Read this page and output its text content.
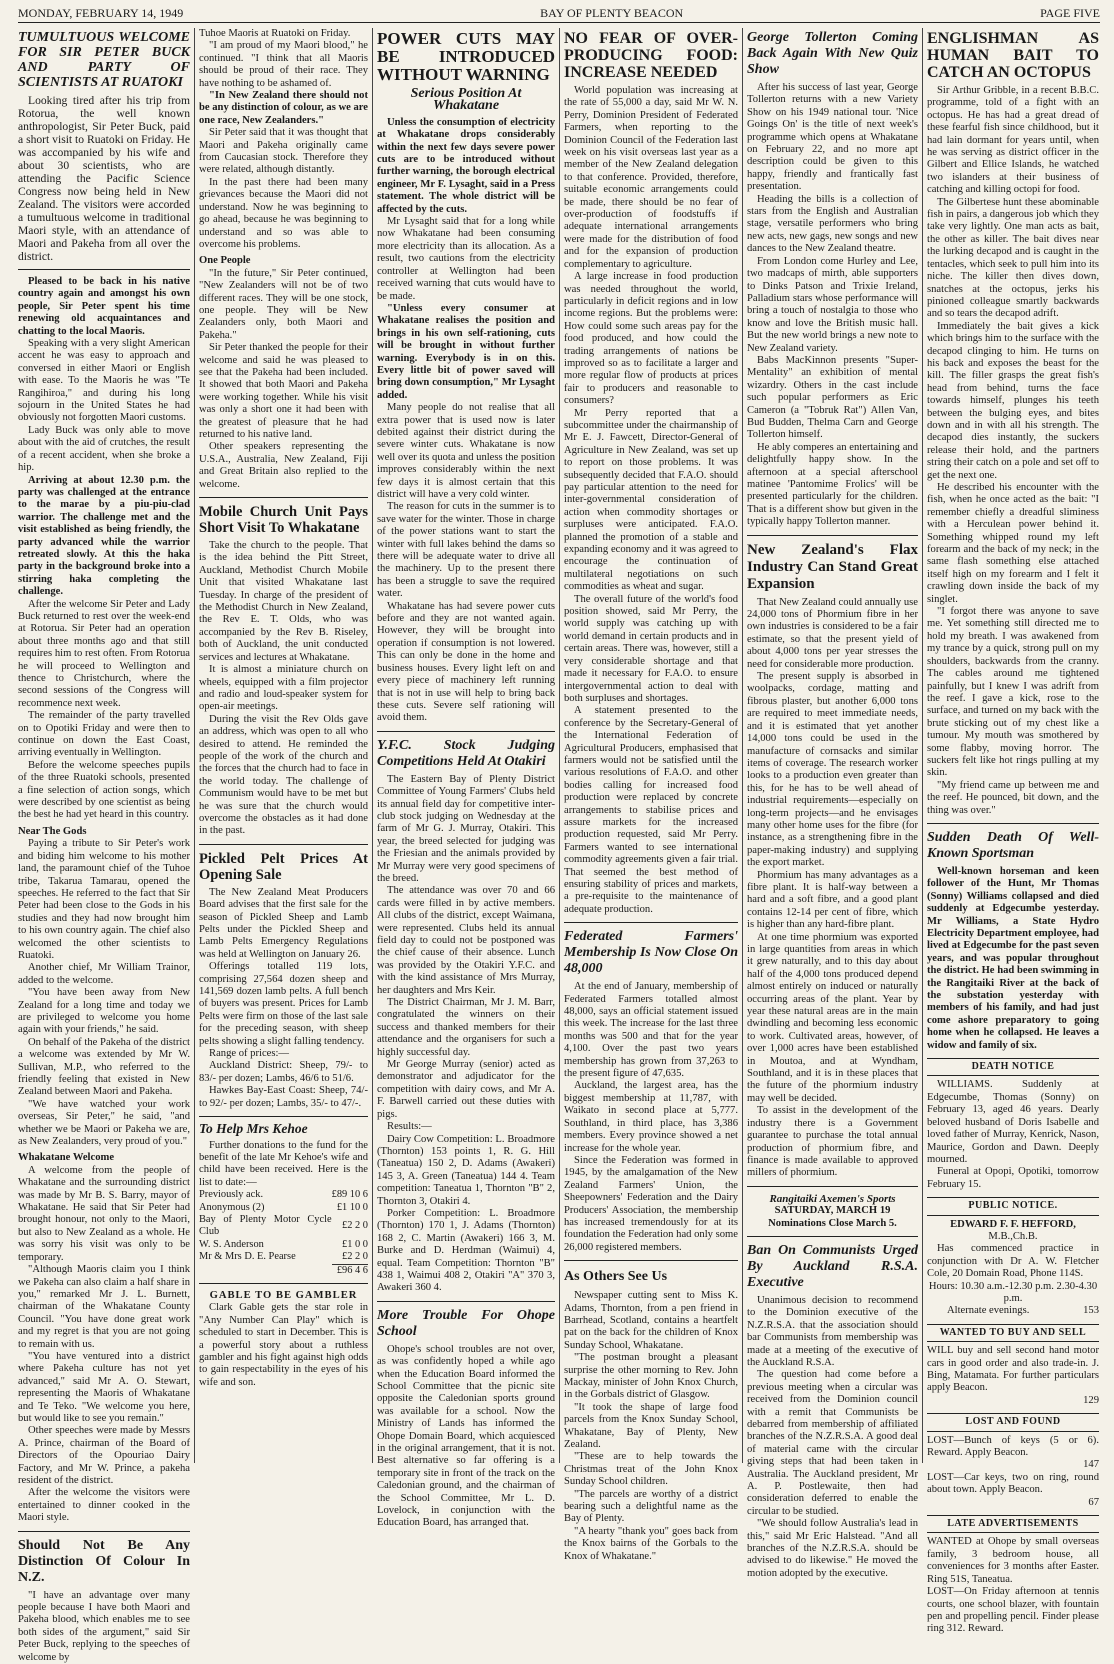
MONDAY, FEBRUARY 14, 1949	BAY OF PLENTY BEACON	PAGE FIVE
TUMULTUOUS WELCOME FOR SIR PETER BUCK AND PARTY OF SCIENTISTS AT RUATOKI

Looking tired after his trip from Rotorua, the well known anthropologist, Sir Peter Buck, paid a short visit to Ruatoki on Friday. He was accompanied by his wife and about 30 scientists, who are attending the Pacific Science Congress now being held in New Zealand. The visitors were accorded a tumultuous welcome in traditional Maori style, with an attendance of Maori and Pakeha from all over the district.

Pleased to be back in his native country again and amongst his own people, Sir Peter spent his time renewing old acquaintances and chatting to the local Maoris.

Speaking with a very slight American accent he was easy to approach and conversed in either Maori or English with ease. To the Maoris he was "Te Rangihiroa," and during his long sojourn in the United States he had obviously not forgotten Maori customs.

Lady Buck was only able to move about with the aid of crutches, the result of a recent accident, when she broke a hip.

Arriving at about 12.30 p.m. the party was challenged at the entrance to the marae by a piu-piu-clad warrior. The challenge met and the visit established as being friendly, the party advanced while the warrior retreated slowly. At this the haka party in the background broke into a stirring haka completing the challenge.

After the welcome Sir Peter and Lady Buck returned to rest over the week-end at Rotorua. Sir Peter had an operation about three months ago and that still requires him to rest often. From Rotorua he will proceed to Wellington and thence to Christchurch, where the second sessions of the Congress will recommence next week.

The remainder of the party travelled on to Opotiki Friday and were then to continue on down the East Coast, arriving eventually in Wellington.

Before the welcome speeches pupils of the three Ruatoki schools, presented a fine selection of action songs, which were described by one scientist as being the best he had yet heard in this country.

Near The Gods

Paying a tribute to Sir Peter's work and biding him welcome to his mother land, the paramount chief of the Tuhoe tribe, Takarua Tamarau, opened the speeches. He referred to the fact that Sir Peter had been close to the Gods in his studies and they had now brought him to his own country again. The chief also welcomed the other scientists to Ruatoki.

Another chief, Mr William Trainor, added to the welcome.

"You have been away from New Zealand for a long time and today we are privileged to welcome you home again with your friends," he said.

On behalf of the Pakeha of the district a welcome was extended by Mr W. Sullivan, M.P., who referred to the friendly feeling that existed in New Zealand between Maori and Pakeha.

"We have watched your work overseas, Sir Peter," he said, "and whether we be Maori or Pakeha we are, as New Zealanders, very proud of you."

Whakatane Welcome

A welcome from the people of Whakatane and the surrounding district was made by Mr B. S. Barry, mayor of Whakatane. He said that Sir Peter had brought honour, not only to the Maori, but also to New Zealand as a whole. He was sorry his visit was only to be temporary.

"Although Maoris claim you I think we Pakeha can also claim a half share in you," remarked Mr J. L. Burnett, chairman of the Whakatane County Council. "You have done great work and my regret is that you are not going to remain with us.

"You have ventured into a district where Pakeha culture has not yet advanced," said Mr A. O. Stewart, representing the Maoris of Whakatane and Te Teko. "We welcome you here, but would like to see you remain."

Other speeches were made by Messrs A. Prince, chairman of the Board of Directors of the Opouriao Dairy Factory, and Mr W. Prince, a pakeha resident of the district.

After the welcome the visitors were entertained to dinner cooked in the Maori style.

Should Not Be Any Distinction Of Colour In N.Z.

"I have an advantage over many people because I have both Maori and Pakeha blood, which enables me to see both sides of the argument," said Sir Peter Buck, replying to the speeches of welcome by

Tuhoe Maoris at Ruatoki on Friday.

"I am proud of my Maori blood," he continued. "I think that all Maoris should be proud of their race. They have nothing to be ashamed of.

"In New Zealand there should not be any distinction of colour, as we are one race, New Zealanders."

Sir Peter said that it was thought that Maori and Pakeha originally came from Caucasian stock. Therefore they were related, although distantly.

In the past there had been many grievances because the Maori did not understand. Now he was beginning to go ahead, because he was beginning to understand and so was able to overcome his problems.

One People

"In the future," Sir Peter continued, "New Zealanders will not be of two different races. They will be one stock, one people. They will be New Zealanders only, both Maori and Pakeha."

Sir Peter thanked the people for their welcome and said he was pleased to see that the Pakeha had been included. It showed that both Maori and Pakeha were working together. While his visit was only a short one it had been with the greatest of pleasure that he had returned to his native land.

Other speakers representing the U.S.A., Australia, New Zealand, Fiji and Great Britain also replied to the welcome.

Mobile Church Unit Pays Short Visit To Whakatane

Take the church to the people. That is the idea behind the Pitt Street, Auckland, Methodist Church Mobile Unit that visited Whakatane last Tuesday. In charge of the president of the Methodist Church in New Zealand, the Rev E. T. Olds, who was accompanied by the Rev B. Riseley, both of Auckland, the unit conducted services and lectures at Whakatane.

It is almost a miniature church on wheels, equipped with a film projector and radio and loud-speaker system for open-air meetings.

During the visit the Rev Olds gave an address, which was open to all who desired to attend. He reminded the people of the work of the church and the forces that the church had to face in the world today. The challenge of Communism would have to be met but he was sure that the church would overcome the obstacles as it had done in the past.

Pickled Pelt Prices At Opening Sale

The New Zealand Meat Producers Board advises that the first sale for the season of Pickled Sheep and Lamb Pelts under the Pickled Sheep and Lamb Pelts Emergency Regulations was held at Wellington on January 26.

Offerings totalled 119 lots, comprising 27,564 dozen sheep and 141,569 dozen lamb pelts. A full bench of buyers was present. Prices for Lamb Pelts were firm on those of the last sale for the preceding season, with sheep pelts showing a slight falling tendency.

Range of prices:—

Auckland District: Sheep, 79/- to 83/- per dozen; Lambs, 46/6 to 51/6.

Hawkes Bay-East Coast: Sheep, 74/- to 92/- per dozen; Lambs, 35/- to 47/-.

To Help Mrs Kehoe

Further donations to the fund for the benefit of the late Mr Kehoe's wife and child have been received. Here is the list to date:—

Previously ack.	£89 10 6
Anonymous (2)	£1 10 0
Bay of Plenty Motor Cycle Club	£2 2 0
W. S. Anderson	£1 0 0
Mr & Mrs D. E. Pearse	£2 2 0
	£96 4 6
GABLE TO BE GAMBLER

Clark Gable gets the star role in "Any Number Can Play" which is scheduled to start in December. This is a powerful story about a ruthless gambler and his fight against high odds to gain respectability in the eyes of his wife and son.

POWER CUTS MAY BE INTRODUCED WITHOUT WARNING
Serious Position At Whakatane

Unless the consumption of electricity at Whakatane drops considerably within the next few days severe power cuts are to be introduced without further warning, the borough electrical engineer, Mr F. Lysaght, said in a Press statement. The whole district will be affected by the cuts.

Mr Lysaght said that for a long while now Whakatane had been consuming more electricity than its allocation. As a result, two cautions from the electricity controller at Wellington had been received warning that cuts would have to be made.

"Unless every consumer at Whakatane realises the position and brings in his own self-rationing, cuts will be brought in without further warning. Everybody is in on this. Every little bit of power saved will bring down consumption," Mr Lysaght added.

Many people do not realise that all extra power that is used now is later debited against their district during the severe winter cuts. Whakatane is now well over its quota and unless the position improves considerably within the next few days it is almost certain that this district will have a very cold winter.

The reason for cuts in the summer is to save water for the winter. Those in charge of the power stations want to start the winter with full lakes behind the dams so there will be adequate water to drive all the machinery. Up to the present there has been a struggle to save the required water.

Whakatane has had severe power cuts before and they are not wanted again. However, they will be brought into operation if consumption is not lowered. This can only be done in the home and business houses. Every light left on and every piece of machinery left running that is not in use will help to bring back these cuts. Severe self rationing will avoid them.

Y.F.C. Stock Judging Competitions Held At Otakiri

The Eastern Bay of Plenty District Committee of Young Farmers' Clubs held its annual field day for competitive inter-club stock judging on Wednesday at the farm of Mr G. J. Murray, Otakiri. This year, the breed selected for judging was the Friesian and the animals provided by Mr Murray were very good specimens of the breed.

The attendance was over 70 and 66 cards were filled in by active members. All clubs of the district, except Waimana, were represented. Clubs held its annual field day to could not be postponed was the chief cause of their absence. Lunch was provided by the Otakiri Y.F.C. and with the kind assistance of Mrs Murray, her daughters and Mrs Keir.

The District Chairman, Mr J. M. Barr, congratulated the winners on their success and thanked members for their attendance and the organisers for such a highly successful day.

Mr George Murray (senior) acted as demonstrator and adjudicator for the competition with dairy cows, and Mr A. F. Barwell carried out these duties with pigs.

Results:—

Dairy Cow Competition: L. Broadmore (Thornton) 153 points 1, R. G. Hill (Taneatua) 150 2, D. Adams (Awakeri) 145 3, A. Green (Taneatua) 144 4. Team competition: Taneatua 1, Thornton "B" 2, Thornton 3, Otakiri 4.

Porker Competition: L. Broadmore (Thornton) 170 1, J. Adams (Thornton) 168 2, C. Martin (Awakeri) 166 3, M. Burke and D. Herdman (Waimui) 4, equal. Team Competition: Thornton "B" 438 1, Waimui 408 2, Otakiri "A" 370 3, Awakeri 360 4.

More Trouble For Ohope School

Ohope's school troubles are not over, as was confidently hoped a while ago when the Education Board informed the School Committee that the picnic site opposite the Caledonian sports ground was available for a school. Now the Ministry of Lands has informed the Ohope Domain Board, which acquiesced in the original arrangement, that it is not. Best alternative so far offering is a temporary site in front of the track on the Caledonian ground, and the chairman of the School Committee, Mr L. D. Lovelock, in conjunction with the Education Board, has arranged that.

NO FEAR OF OVER-PRODUCING FOOD: INCREASE NEEDED

World population was increasing at the rate of 55,000 a day, said Mr W. N. Perry, Dominion President of Federated Farmers, when reporting to the Dominion Council of the Federation last week on his visit overseas last year as a member of the New Zealand delegation to that conference. Provided, therefore, suitable economic arrangements could be made, there should be no fear of over-production of foodstuffs if adequate international arrangements were made for the distribution of food and for the expansion of production complementary to agriculture.

A large increase in food production was needed throughout the world, particularly in deficit regions and in low income regions. But the problems were: How could some such areas pay for the food produced, and how could the trading arrangements of nations be improved so as to facilitate a larger and more regular flow of products at prices fair to producers and reasonable to consumers?

Mr Perry reported that a subcommittee under the chairmanship of Mr E. J. Fawcett, Director-General of Agriculture in New Zealand, was set up to report on those problems. It was subsequently decided that F.A.O. should pay particular attention to the need for inter-governmental consideration of action when commodity shortages or surpluses were anticipated. F.A.O. planned the promotion of a stable and expanding economy and it was agreed to encourage the continuation of multilateral negotiations on such commodities as wheat and sugar.

The overall future of the world's food position showed, said Mr Perry, the world supply was catching up with world demand in certain products and in certain areas. There was, however, still a very considerable shortage and that made it necessary for F.A.O. to ensure intergovernmental action to deal with both surpluses and shortages.

A statement presented to the conference by the Secretary-General of the International Federation of Agricultural Producers, emphasised that farmers would not be satisfied until the various resolutions of F.A.O. and other bodies calling for increased food production were replaced by concrete arrangements to stabilise prices and assure markets for the increased production requested, said Mr Perry. Farmers wanted to see international commodity agreements given a fair trial. That seemed the best method of ensuring stability of prices and markets, a pre-requisite to the maintenance of adequate production.

Federated Farmers' Membership Is Now Close On 48,000

At the end of January, membership of Federated Farmers totalled almost 48,000, says an official statement issued this week. The increase for the last three months was 500 and that for the year 4,100. Over the past two years membership has grown from 37,263 to the present figure of 47,635.

Auckland, the largest area, has the biggest membership at 11,787, with Waikato in second place at 5,777. Southland, in third place, has 3,386 members. Every province showed a net increase for the whole year.

Since the Federation was formed in 1945, by the amalgamation of the New Zealand Farmers' Union, the Sheepowners' Federation and the Dairy Producers' Association, the membership has increased tremendously for at its foundation the Federation had only some 26,000 registered members.

As Others See Us

Newspaper cutting sent to Miss K. Adams, Thornton, from a pen friend in Barrhead, Scotland, contains a heartfelt pat on the back for the children of Knox Sunday School, Whakatane.

"The postman brought a pleasant surprise the other morning to Rev. John Mackay, minister of John Knox Church, in the Gorbals district of Glasgow.

"It took the shape of large food parcels from the Knox Sunday School, Whakatane, Bay of Plenty, New Zealand.

"These are to help towards the Christmas treat of the John Knox Sunday School children.

"The parcels are worthy of a district bearing such a delightful name as the Bay of Plenty.

"A hearty "thank you" goes back from the Knox bairns of the Gorbals to the Knox of Whakatane."

George Tollerton Coming Back Again With New Quiz Show

After his success of last year, George Tollerton returns with a new Variety Show on his 1949 national tour. 'Nice Goings On' is the title of next week's programme which opens at Whakatane on February 22, and no more apt description could be given to this happy, friendly and frantically fast presentation.

Heading the bills is a collection of stars from the English and Australian stage, versatile performers who bring new acts, new gags, new songs and new dances to the New Zealand theatre.

From London come Hurley and Lee, two madcaps of mirth, able supporters to Dinks Patson and Trixie Ireland, Palladium stars whose performance will bring a touch of nostalgia to those who know and love the British music hall. But the new world brings a new note to New Zealand variety.

Babs MacKinnon presents "Super-Mentality" an exhibition of mental wizardry. Others in the cast include such popular performers as Eric Cameron (a "Tobruk Rat") Allen Van, Bud Budden, Thelma Carn and George Tollerton himself.

He ably comperes an entertaining and delightfully happy show. In the afternoon at a special afterschool matinee 'Pantomime Frolics' will be presented particularly for the children. That is a different show but given in the typically happy Tollerton manner.

New Zealand's Flax Industry Can Stand Great Expansion

That New Zealand could annually use 24,000 tons of Phormium fibre in her own industries is considered to be a fair estimate, so that the present yield of about 4,000 tons per year stresses the need for considerable more production.

The present supply is absorbed in woolpacks, cordage, matting and fibrous plaster, but another 6,000 tons are required to meet immediate needs, and it is estimated that yet another 14,000 tons could be used in the manufacture of cornsacks and similar items of coverage. The research worker looks to a production even greater than this, for he has to be well ahead of industrial requirements—especially on long-term projects—and he envisages many other home uses for the fibre (for instance, as a strengthening fibre in the paper-making industry) and supplying the export market.

Phormium has many advantages as a fibre plant. It is half-way between a hard and a soft fibre, and a good plant contains 12-14 per cent of fibre, which is higher than any hard-fibre plant.

At one time phormium was exported in large quantities from areas in which it grew naturally, and to this day about half of the 4,000 tons produced depend almost entirely on induced or naturally occurring areas of the plant. Year by year these natural areas are in the main dwindling and becoming less economic to work. Cultivated areas, however, of over 1,000 acres have been established in Moutoa, and at Wyndham, Southland, and it is in these places that the future of the phormium industry may well be decided.

To assist in the development of the industry there is a Government guarantee to purchase the total annual production of phormium fibre, and finance is made available to approved millers of phormium.

Rangitaiki Axemen's Sports
SATURDAY, MARCH 19
Nominations Close March 5.
Ban On Communists Urged By Auckland R.S.A. Executive

Unanimous decision to recommend to the Dominion executive of the N.Z.R.S.A. that the association should bar Communists from membership was made at a meeting of the executive of the Auckland R.S.A.

The question had come before a previous meeting when a circular was received from the Dominion council with a remit that Communists be debarred from membership of affiliated branches of the N.Z.R.S.A. A good deal of material came with the circular giving steps that had been taken in Australia. The Auckland president, Mr A. P. Postlewaite, then had consideration deferred to enable the circular to be studied.

"We should follow Australia's lead in this," said Mr Eric Halstead. "And all branches of the N.Z.R.S.A. should be advised to do likewise." He moved the motion adopted by the executive.

ENGLISHMAN AS HUMAN BAIT TO CATCH AN OCTOPUS

Sir Arthur Gribble, in a recent B.B.C. programme, told of a fight with an octopus. He has had a great dread of these fearful fish since childhood, but it had lain dormant for years until, when he was serving as district officer in the Gilbert and Ellice Islands, he watched two islanders at their business of catching and killing octopi for food.

The Gilbertese hunt these abominable fish in pairs, a dangerous job which they take very lightly. One man acts as bait, the other as killer. The bait dives near the lurking decapod and is caught in the tentacles, which seek to pull him into its niche. The killer then dives down, snatches at the octopus, jerks his pinioned colleague smartly backwards and so tears the decapod adrift.

Immediately the bait gives a kick which brings him to the surface with the decapod clinging to him. He turns on his back and exposes the beast for the kill. The filler grasps the great fish's head from behind, turns the face towards himself, plunges his teeth between the bulging eyes, and bites down and in with all his strength. The decapod dies instantly, the suckers release their hold, and the partners string their catch on a pole and set off to get the next one.

He described his encounter with the fish, when he once acted as the bait: "I remember chiefly a dreadful sliminess with a Herculean power behind it. Something whipped round my left forearm and the back of my neck; in the same flash something else attached itself high on my forearm and I felt it crawling down inside the back of my singlet.

"I forgot there was anyone to save me. Yet something still directed me to hold my breath. I was awakened from my trance by a quick, strong pull on my shoulders, backwards from the cranny. The cables around me tightened painfully, but I knew I was adrift from the reef. I gave a kick, rose to the surface, and turned on my back with the brute sticking out of my chest like a tumour. My mouth was smothered by some flabby, moving horror. The suckers felt like hot rings pulling at my skin.

"My friend came up between me and the reef. He pounced, bit down, and the thing was over."

Sudden Death Of Well-Known Sportsman

Well-known horseman and keen follower of the Hunt, Mr Thomas (Sonny) Williams collapsed and died suddenly at Edgecumbe yesterday. Mr Williams, a State Hydro Electricity Department employee, had lived at Edgecumbe for the past seven years, and was popular throughout the district. He had been swimming in the Rangitaiki River at the back of the substation yesterday with members of his family, and had just come ashore preparatory to going home when he collapsed. He leaves a widow and family of six.

DEATH NOTICE

WILLIAMS. Suddenly at Edgecumbe, Thomas (Sonny) on February 13, aged 46 years. Dearly beloved husband of Doris Isabelle and loved father of Murray, Kenrick, Nason, Maurice, Gordon and Dawn. Deeply mourned.

Funeral at Opopi, Opotiki, tomorrow February 15.

PUBLIC NOTICE.
EDWARD F. F. HEFFORD,
M.B.,Ch.B.

Has commenced practice in conjunction with Dr A. W. Fletcher Cole, 20 Domain Road, Phone 114S.

Hours: 10.30 a.m.-12.30 p.m. 2.30-4.30 p.m.
Alternate evenings.	153
WANTED TO BUY AND SELL

WILL buy and sell second hand motor cars in good order and also trade-in. J. Bing, Matamata. For further particulars apply Beacon.

129
LOST AND FOUND

LOST—Bunch of keys (5 or 6). Reward. Apply Beacon.

147

LOST—Car keys, two on ring, round about town. Apply Beacon.

67
LATE ADVERTISEMENTS

WANTED at Ohope by small overseas family, 3 bedroom house, all conveniences for 3 months after Easter. Ring 51S, Taneatua.

LOST—On Friday afternoon at tennis courts, one school blazer, with fountain pen and propelling pencil. Finder please ring 312. Reward.
